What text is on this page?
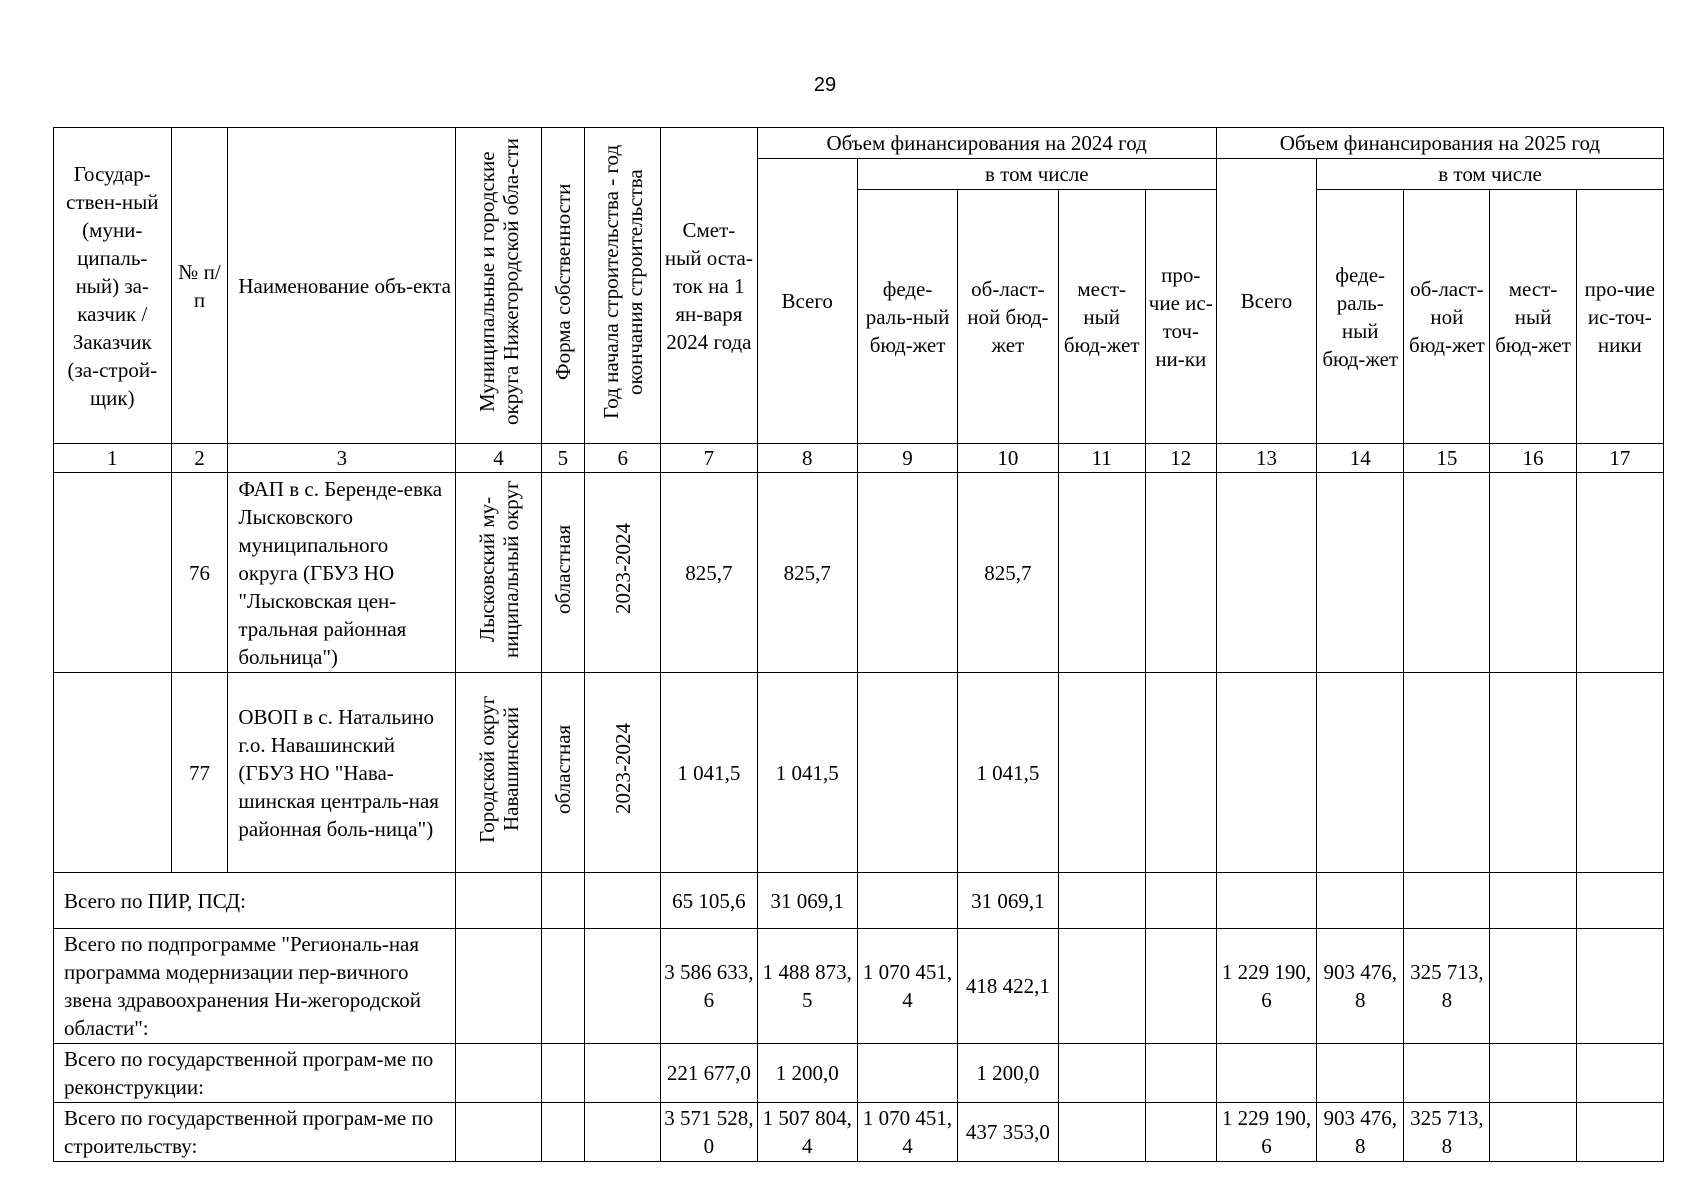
29
Государ-ствен-ный (муни-ципаль-ный) за-казчик / Заказчик (за-строй-щик)	№ п/п	Наименование объ-екта	Муниципальные и городские округа Нижегородской обла-сти	Форма собственности	Год начала строительства - год окончания строительства	Смет-ный оста-ток на 1 ян-варя 2024 года	Объем финансирования на 2024 год					Объем финансирования на 2025 год				
							Всего	в том числе				Всего	в том числе			
								феде-раль-ный бюд-жет	об-ласт-ной бюд-жет	мест-ный бюд-жет	про-чие ис-точ-ни-ки		феде-раль-ный бюд-жет	об-ласт-ной бюд-жет	мест-ный бюд-жет	про-чие ис-точ-ники
1	2	3	4	5	6	7	8	9	10	11	12	13	14	15	16	17
	76	ФАП в с. Беренде-евка Лысковского муниципального округа (ГБУЗ НО "Лысковская цен-тральная районная больница")	Лысковский му-ниципальный округ	областная	2023-2024	825,7	825,7		825,7							
	77	ОВОП в с. Натальино г.о. Навашинский (ГБУЗ НО "Нава-шинская централь-ная районная боль-ница")	Городской округ Навашинский	областная	2023-2024	1 041,5	1 041,5		1 041,5							
Всего по ПИР, ПСД:						65 105,6	31 069,1		31 069,1							
Всего по подпрограмме "Региональ-ная программа модернизации пер-вичного звена здравоохранения Ни-жегородской области":						3 586 633,6	1 488 873,5	1 070 451,4	418 422,1			1 229 190,6	903 476,8	325 713,8		
Всего по государственной програм-ме по реконструкции:						221 677,0	1 200,0		1 200,0							
Всего по государственной програм-ме по строительству:						3 571 528,0	1 507 804,4	1 070 451,4	437 353,0			1 229 190,6	903 476,8	325 713,8		
